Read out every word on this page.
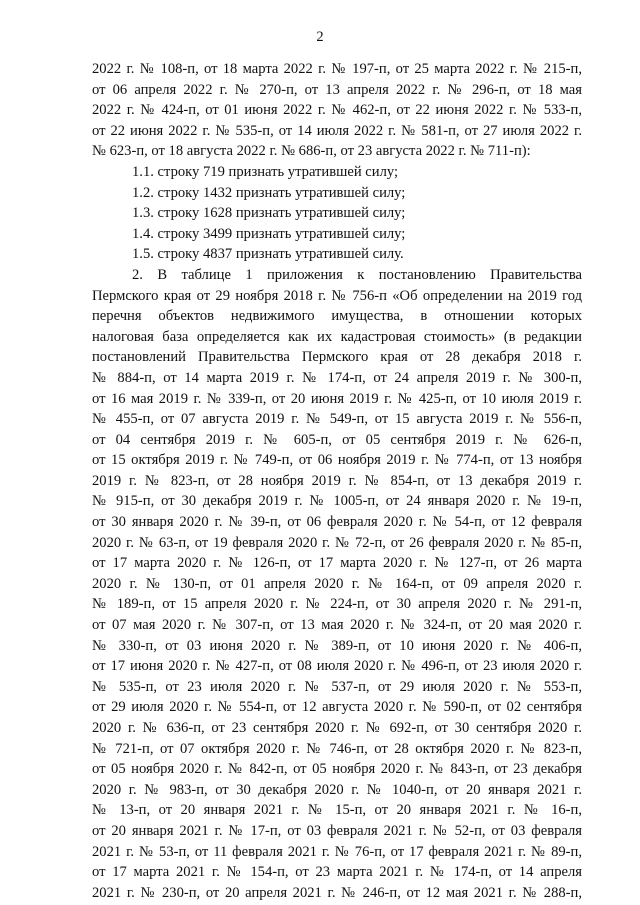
2
2022 г. № 108-п, от 18 марта 2022 г. № 197-п, от 25 марта 2022 г. № 215-п,
от 06 апреля 2022 г. № 270-п, от 13 апреля 2022 г. № 296-п, от 18 мая
2022 г. № 424-п, от 01 июня 2022 г. № 462-п, от 22 июня 2022 г. № 533-п,
от 22 июня 2022 г. № 535-п, от 14 июля 2022 г. № 581-п, от 27 июля 2022 г.
№ 623-п, от 18 августа 2022 г. № 686-п, от 23 августа 2022 г. № 711-п):
1.1. строку 719 признать утратившей силу;
1.2. строку 1432 признать утратившей силу;
1.3. строку 1628 признать утратившей силу;
1.4. строку 3499 признать утратившей силу;
1.5. строку 4837 признать утратившей силу.
2. В таблице 1 приложения к постановлению Правительства
Пермского края от 29 ноября 2018 г. № 756-п «Об определении на 2019 год
перечня объектов недвижимого имущества, в отношении которых
налоговая база определяется как их кадастровая стоимость» (в редакции
постановлений Правительства Пермского края от 28 декабря 2018 г.
№ 884-п, от 14 марта 2019 г. № 174-п, от 24 апреля 2019 г. № 300-п,
от 16 мая 2019 г. № 339-п, от 20 июня 2019 г. № 425-п, от 10 июля 2019 г.
№ 455-п, от 07 августа 2019 г. № 549-п, от 15 августа 2019 г. № 556-п,
от 04 сентября 2019 г. № 605-п, от 05 сентября 2019 г. № 626-п,
от 15 октября 2019 г. № 749-п, от 06 ноября 2019 г. № 774-п, от 13 ноября
2019 г. № 823-п, от 28 ноября 2019 г. № 854-п, от 13 декабря 2019 г.
№ 915-п, от 30 декабря 2019 г. № 1005-п, от 24 января 2020 г. № 19-п,
от 30 января 2020 г. № 39-п, от 06 февраля 2020 г. № 54-п, от 12 февраля
2020 г. № 63-п, от 19 февраля 2020 г. № 72-п, от 26 февраля 2020 г. № 85-п,
от 17 марта 2020 г. № 126-п, от 17 марта 2020 г. № 127-п, от 26 марта
2020 г. № 130-п, от 01 апреля 2020 г. № 164-п, от 09 апреля 2020 г.
№ 189-п, от 15 апреля 2020 г. № 224-п, от 30 апреля 2020 г. № 291-п,
от 07 мая 2020 г. № 307-п, от 13 мая 2020 г. № 324-п, от 20 мая 2020 г.
№ 330-п, от 03 июня 2020 г. № 389-п, от 10 июня 2020 г. № 406-п,
от 17 июня 2020 г. № 427-п, от 08 июля 2020 г. № 496-п, от 23 июля 2020 г.
№ 535-п, от 23 июля 2020 г. № 537-п, от 29 июля 2020 г. № 553-п,
от 29 июля 2020 г. № 554-п, от 12 августа 2020 г. № 590-п, от 02 сентября
2020 г. № 636-п, от 23 сентября 2020 г. № 692-п, от 30 сентября 2020 г.
№ 721-п, от 07 октября 2020 г. № 746-п, от 28 октября 2020 г. № 823-п,
от 05 ноября 2020 г. № 842-п, от 05 ноября 2020 г. № 843-п, от 23 декабря
2020 г. № 983-п, от 30 декабря 2020 г. № 1040-п, от 20 января 2021 г.
№ 13-п, от 20 января 2021 г. № 15-п, от 20 января 2021 г. № 16-п,
от 20 января 2021 г. № 17-п, от 03 февраля 2021 г. № 52-п, от 03 февраля
2021 г. № 53-п, от 11 февраля 2021 г. № 76-п, от 17 февраля 2021 г. № 89-п,
от 17 марта 2021 г. № 154-п, от 23 марта 2021 г. № 174-п, от 14 апреля
2021 г. № 230-п, от 20 апреля 2021 г. № 246-п, от 12 мая 2021 г. № 288-п,
